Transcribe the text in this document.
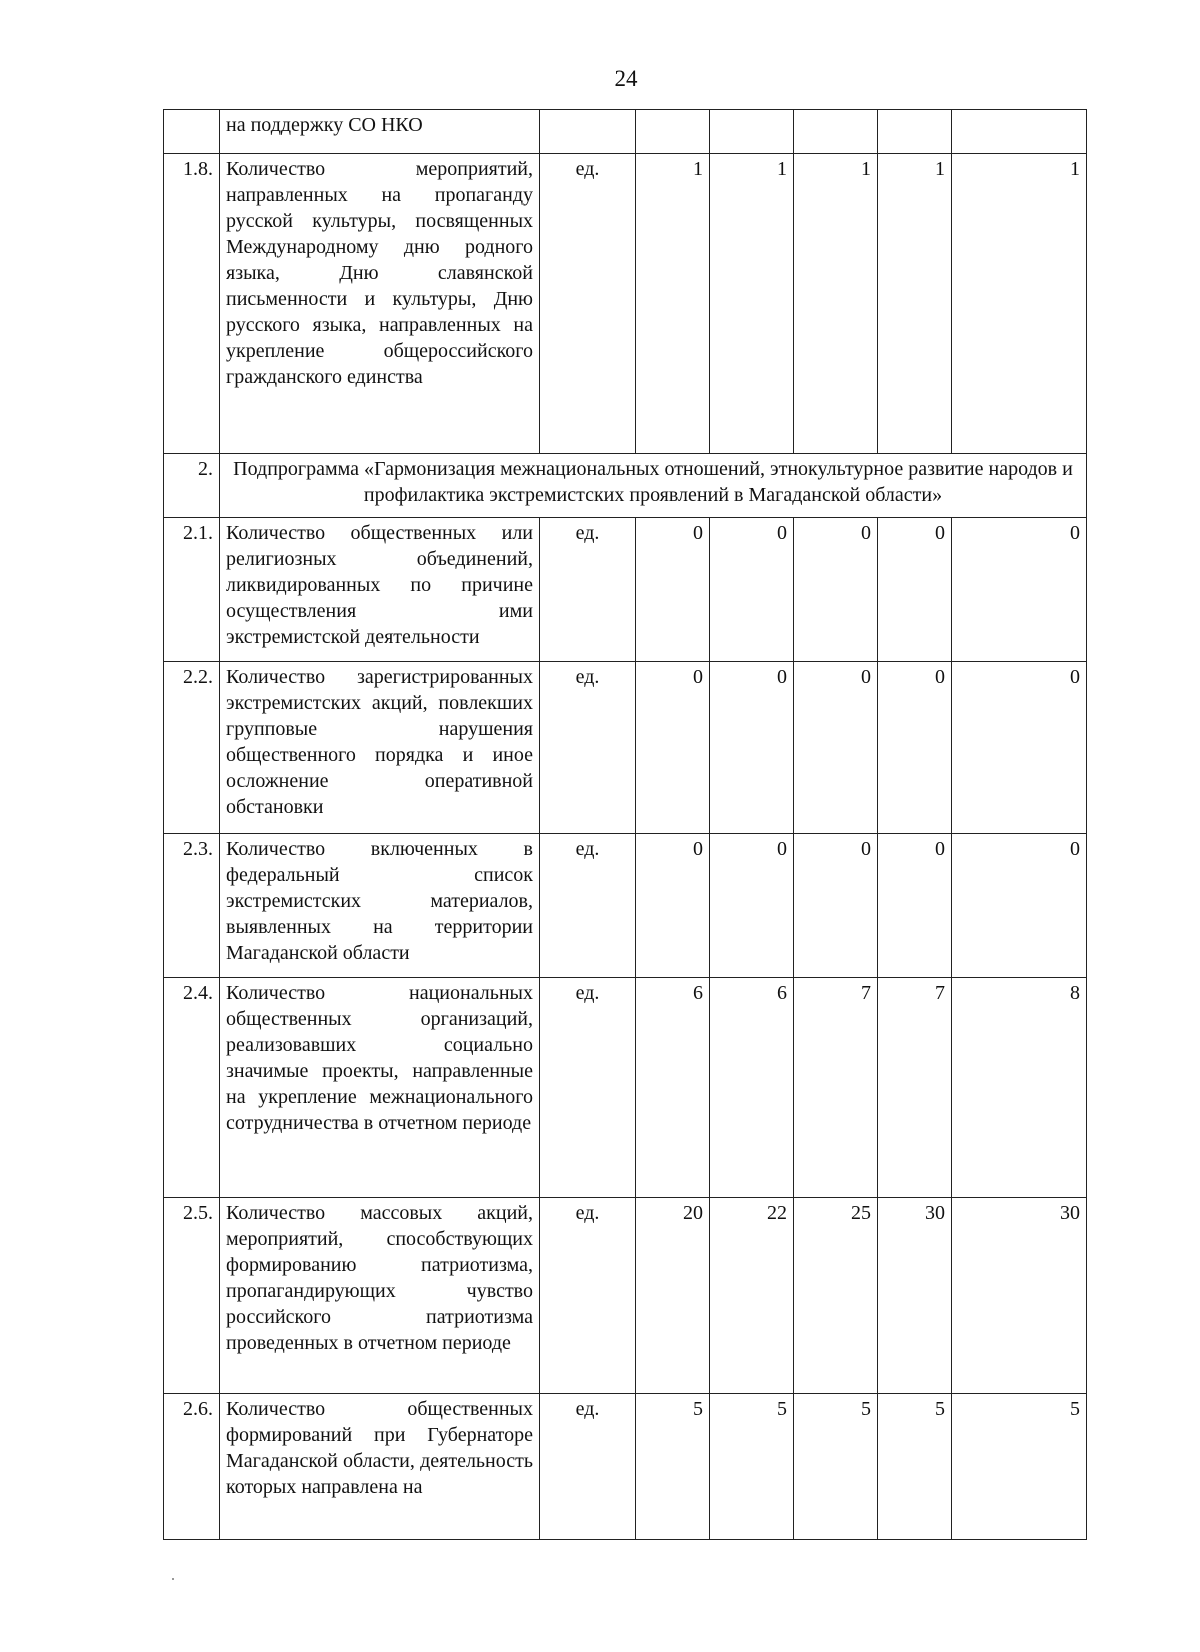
24
	на поддержку СО НКО						
1.8.	Количество мероприятий, направленных на пропаганду русской культуры, посвященных Международному дню родного языка, Дню славянской письменности и культуры, Дню русского языка, направленных на укрепление общероссийского гражданского единства	ед.	1	1	1	1	1
2.	Подпрограмма «Гармонизация межнациональных отношений, этнокультурное развитие народов и профилактика экстремистских проявлений в Магаданской области»						
2.1.	Количество общественных или религиозных объединений, ликвидированных по причине осуществления ими экстремистской деятельности	ед.	0	0	0	0	0
2.2.	Количество зарегистрированных экстремистских акций, повлекших групповые нарушения общественного порядка и иное осложнение оперативной обстановки	ед.	0	0	0	0	0
2.3.	Количество включенных в федеральный список экстремистских материалов, выявленных на территории Магаданской области	ед.	0	0	0	0	0
2.4.	Количество национальных общественных организаций, реализовавших социально значимые проекты, направленные на укрепление межнационального сотрудничества в отчетном периоде	ед.	6	6	7	7	8
2.5.	Количество массовых акций, мероприятий, способствующих формированию патриотизма, пропагандирующих чувство российского патриотизма проведенных в отчетном периоде	ед.	20	22	25	30	30
2.6.	Количество общественных формирований при Губернаторе Магаданской области, деятельность которых направлена на	ед.	5	5	5	5	5
